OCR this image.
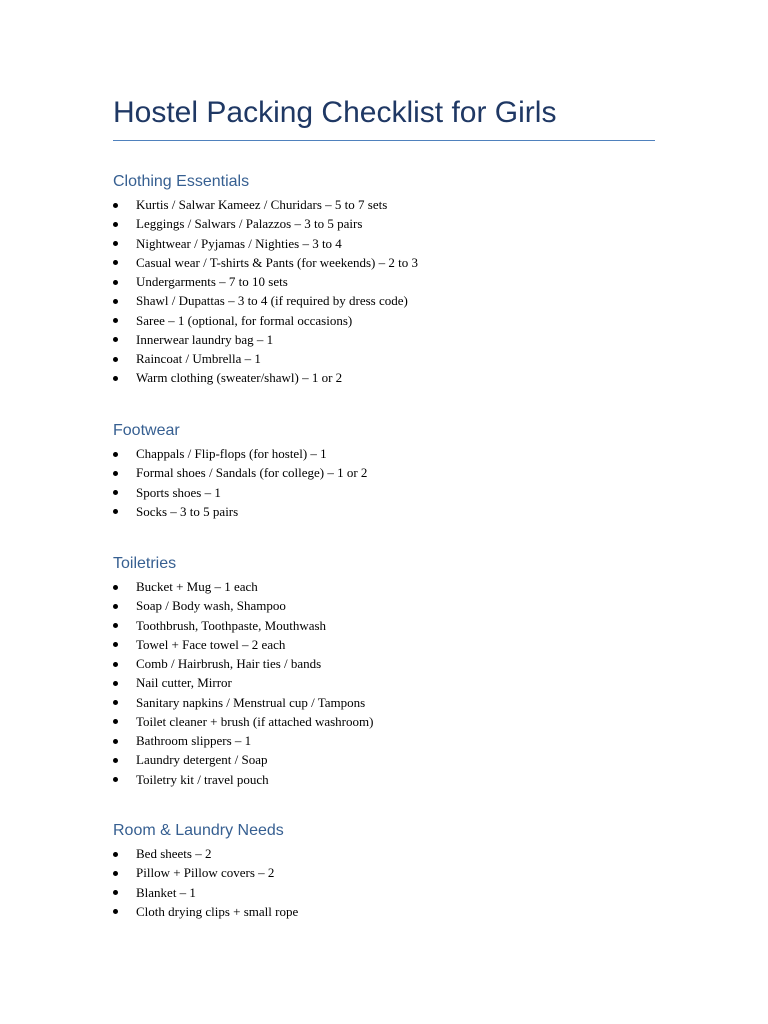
Hostel Packing Checklist for Girls
Clothing Essentials
Kurtis / Salwar Kameez / Churidars – 5 to 7 sets
Leggings / Salwars / Palazzos – 3 to 5 pairs
Nightwear / Pyjamas / Nighties – 3 to 4
Casual wear / T-shirts & Pants (for weekends) – 2 to 3
Undergarments – 7 to 10 sets
Shawl / Dupattas – 3 to 4 (if required by dress code)
Saree – 1 (optional, for formal occasions)
Innerwear laundry bag – 1
Raincoat / Umbrella – 1
Warm clothing (sweater/shawl) – 1 or 2
Footwear
Chappals / Flip-flops (for hostel) – 1
Formal shoes / Sandals (for college) – 1 or 2
Sports shoes – 1
Socks – 3 to 5 pairs
Toiletries
Bucket + Mug – 1 each
Soap / Body wash, Shampoo
Toothbrush, Toothpaste, Mouthwash
Towel + Face towel – 2 each
Comb / Hairbrush, Hair ties / bands
Nail cutter, Mirror
Sanitary napkins / Menstrual cup / Tampons
Toilet cleaner + brush (if attached washroom)
Bathroom slippers – 1
Laundry detergent / Soap
Toiletry kit / travel pouch
Room & Laundry Needs
Bed sheets – 2
Pillow + Pillow covers – 2
Blanket – 1
Cloth drying clips + small rope
